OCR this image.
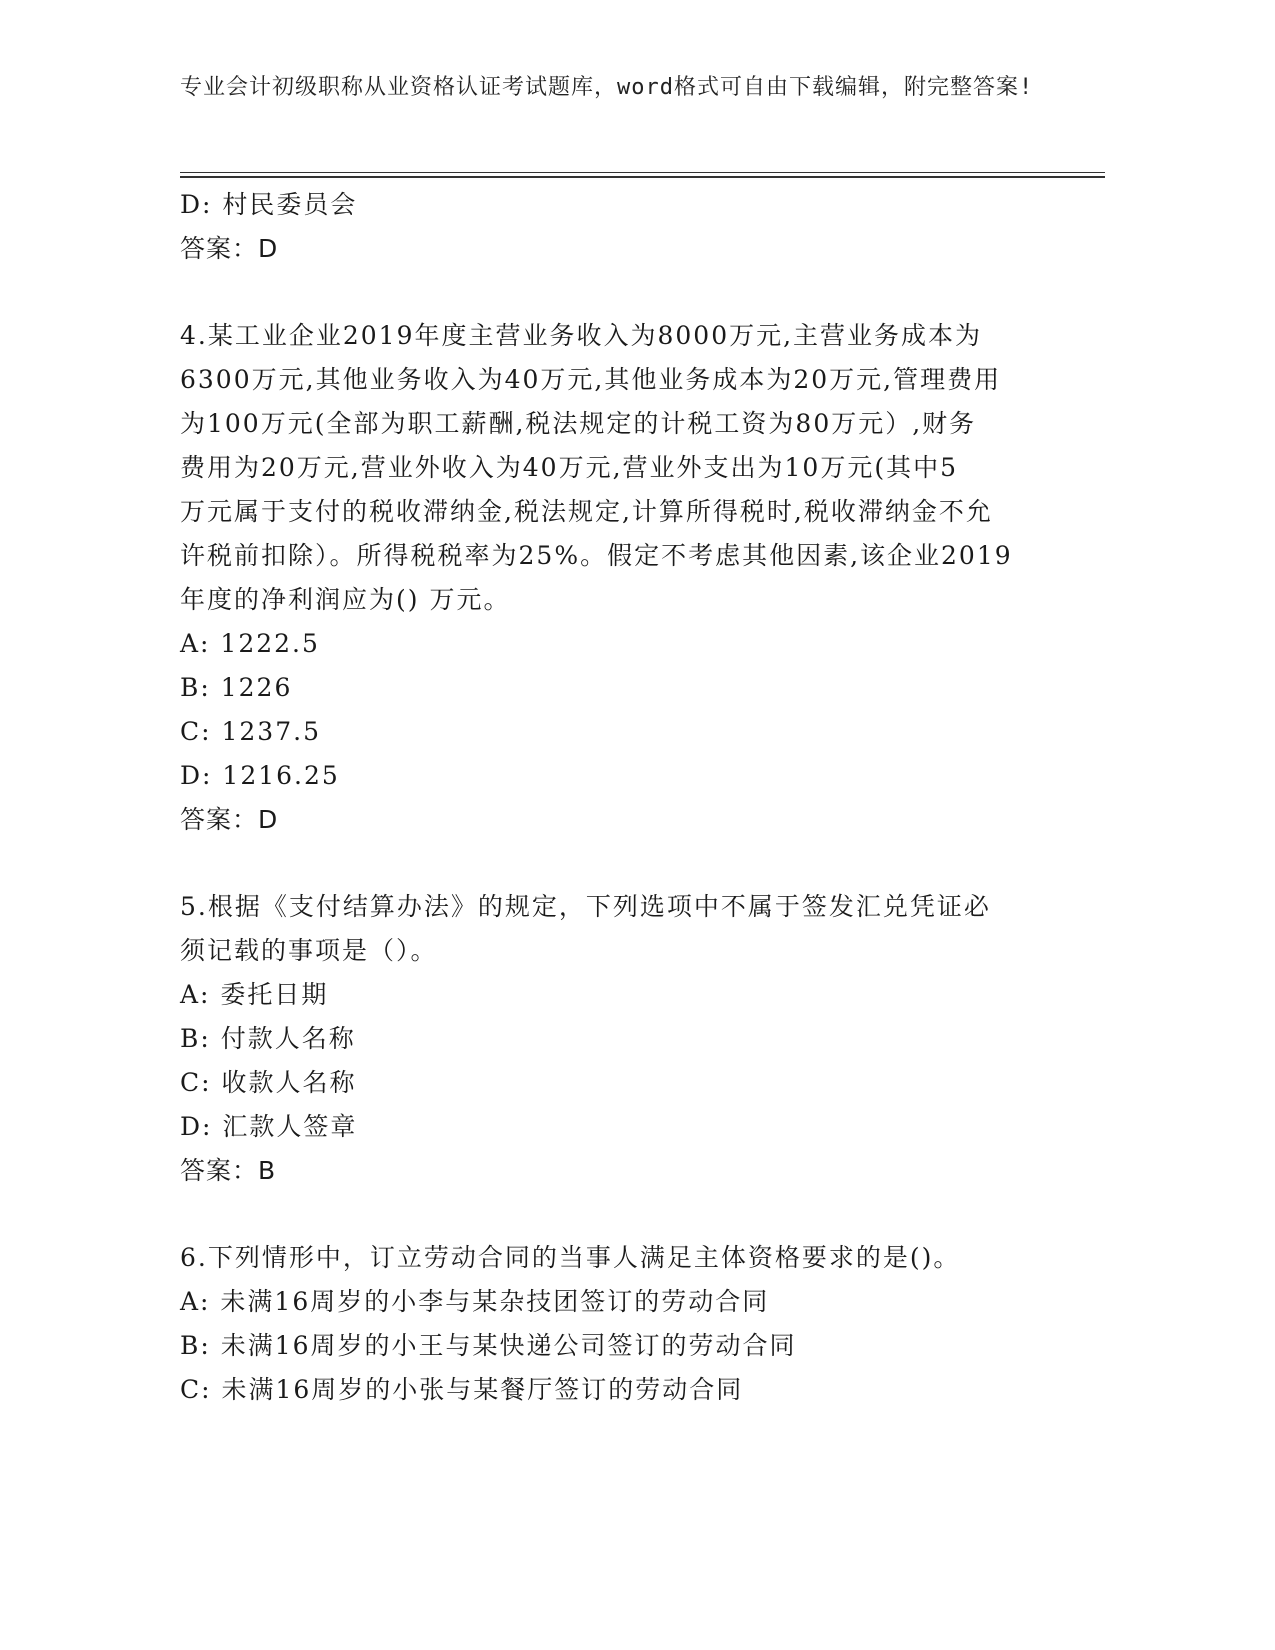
专业会计初级职称从业资格认证考试题库，word格式可自由下载编辑，附完整答案!
D: 村民委员会
答案：D
4.某工业企业2019年度主营业务收入为8000万元,主营业务成本为
6300万元,其他业务收入为40万元,其他业务成本为20万元,管理费用
为100万元(全部为职工薪酬,税法规定的计税工资为80万元）,财务
费用为20万元,营业外收入为40万元,营业外支出为10万元(其中5
万元属于支付的税收滞纳金,税法规定,计算所得税时,税收滞纳金不允
许税前扣除）。所得税税率为25%。假定不考虑其他因素,该企业2019
年度的净利润应为() 万元。
A: 1222.5
B: 1226
C: 1237.5
D: 1216.25
答案：D
5.根据《支付结算办法》的规定，下列选项中不属于签发汇兑凭证必
须记载的事项是（）。
A: 委托日期
B: 付款人名称
C: 收款人名称
D: 汇款人签章
答案：B
6.下列情形中，订立劳动合同的当事人满足主体资格要求的是()。
A: 未满16周岁的小李与某杂技团签订的劳动合同
B: 未满16周岁的小王与某快递公司签订的劳动合同
C: 未满16周岁的小张与某餐厅签订的劳动合同
